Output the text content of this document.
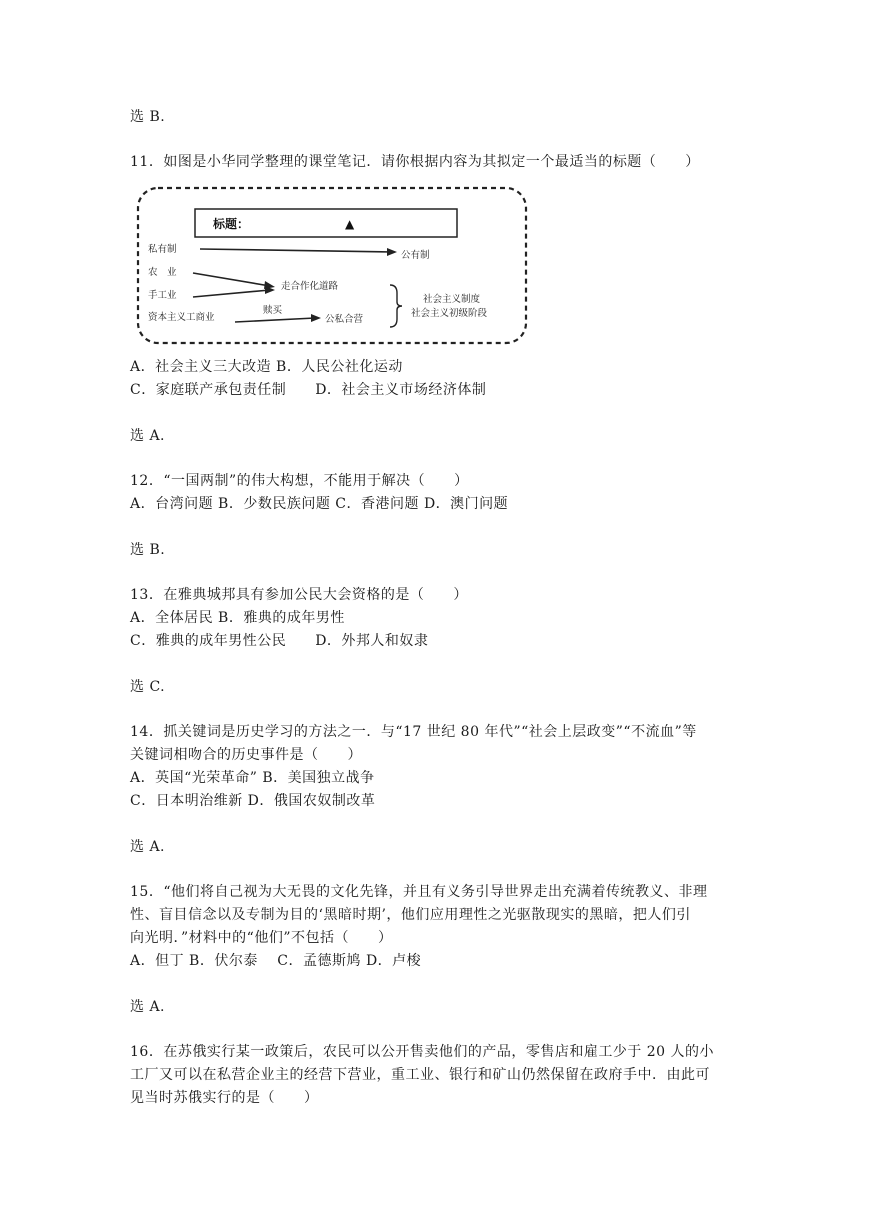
选 B.
11．如图是小华同学整理的课堂笔记．请你根据内容为其拟定一个最适当的标题（　　）
标题：	▲
私有制
农　业
手工业
资本主义工商业
公有制
走合作化道路
赎买
公私合营
社会主义制度
社会主义初级阶段
A．社会主义三大改造 B．人民公社化运动
C．家庭联产承包责任制　　D．社会主义市场经济体制
选 A.
12．“一国两制”的伟大构想，不能用于解决（　　）
A．台湾问题 B．少数民族问题 C．香港问题 D．澳门问题
选 B.
13．在雅典城邦具有参加公民大会资格的是（　　）
A．全体居民 B．雅典的成年男性
C．雅典的成年男性公民　　D．外邦人和奴隶
选 C.
14．抓关键词是历史学习的方法之一．与“17 世纪 80 年代”“社会上层政变”“不流血”等
关键词相吻合的历史事件是（　　）
A．英国“光荣革命” B．美国独立战争
C．日本明治维新 D．俄国农奴制改革
选 A.
15．“他们将自己视为大无畏的文化先锋，并且有义务引导世界走出充满着传统教义、非理
性、盲目信念以及专制为目的‘黑暗时期’，他们应用理性之光驱散现实的黑暗，把人们引
向光明．”材料中的“他们”不包括（　　）
A．但丁 B．伏尔泰　 C．孟德斯鸠 D．卢梭
选 A.
16．在苏俄实行某一政策后，农民可以公开售卖他们的产品，零售店和雇工少于 20 人的小
工厂又可以在私营企业主的经营下营业，重工业、银行和矿山仍然保留在政府手中．由此可
见当时苏俄实行的是（　　）
